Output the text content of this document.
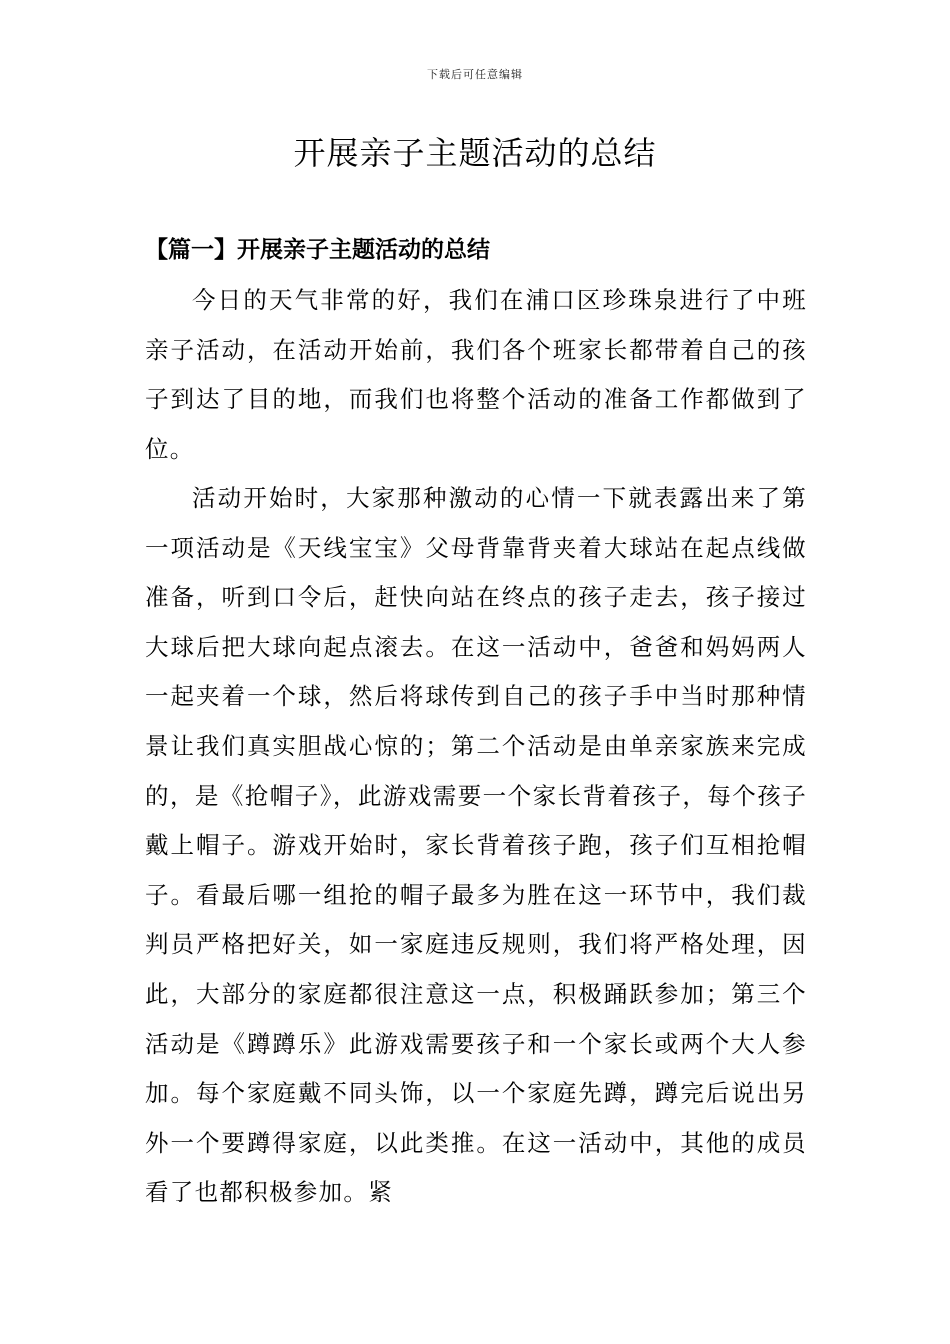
下载后可任意编辑
开展亲子主题活动的总结
【篇一】开展亲子主题活动的总结

今日的天气非常的好，我们在浦口区珍珠泉进行了中班亲子活动，在活动开始前，我们各个班家长都带着自己的孩子到达了目的地，而我们也将整个活动的准备工作都做到了位。

活动开始时，大家那种激动的心情一下就表露出来了第一项活动是《天线宝宝》父母背靠背夹着大球站在起点线做准备，听到口令后，赶快向站在终点的孩子走去，孩子接过大球后把大球向起点滚去。在这一活动中，爸爸和妈妈两人一起夹着一个球，然后将球传到自己的孩子手中当时那种情景让我们真实胆战心惊的；第二个活动是由单亲家族来完成的，是《抢帽子》，此游戏需要一个家长背着孩子，每个孩子戴上帽子。游戏开始时，家长背着孩子跑，孩子们互相抢帽子。看最后哪一组抢的帽子最多为胜在这一环节中，我们裁判员严格把好关，如一家庭违反规则，我们将严格处理，因此，大部分的家庭都很注意这一点，积极踊跃参加；第三个活动是《蹲蹲乐》此游戏需要孩子和一个家长或两个大人参加。每个家庭戴不同头饰，以一个家庭先蹲，蹲完后说出另外一个要蹲得家庭，以此类推。在这一活动中，其他的成员看了也都积极参加。紧
